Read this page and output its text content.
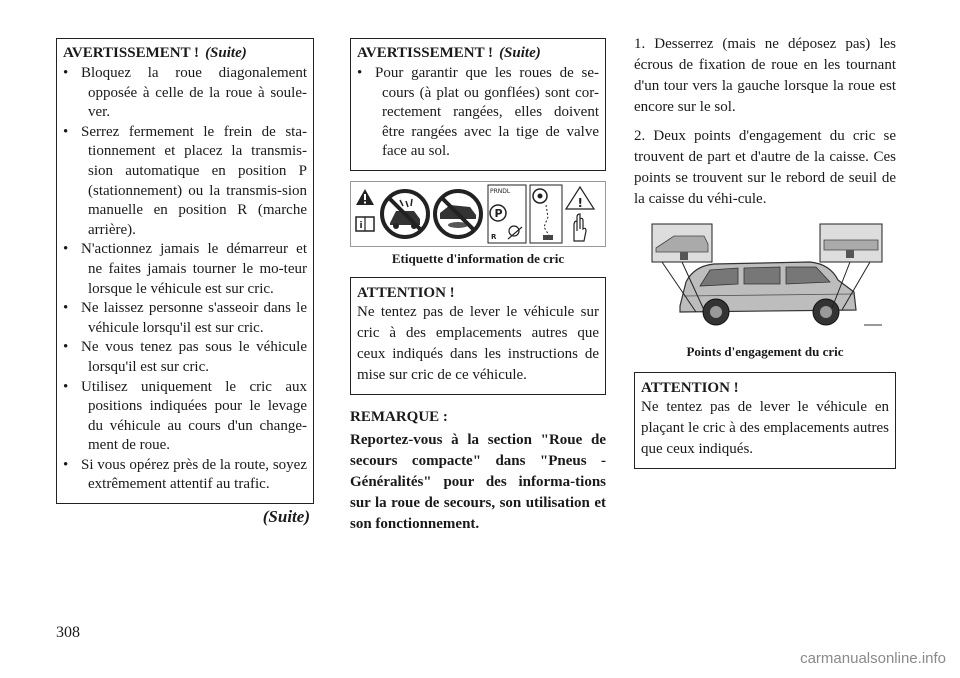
AVERTISSEMENT ! (Suite)
• Bloquez la roue diagonalement opposée à celle de la roue à soule-ver.
• Serrez fermement le frein de sta-tionnement et placez la transmis-sion automatique en position P (stationnement) ou la transmis-sion manuelle en position R (marche arrière).
• N'actionnez jamais le démarreur et ne faites jamais tourner le mo-teur lorsque le véhicule est sur cric.
• Ne laissez personne s'asseoir dans le véhicule lorsqu'il est sur cric.
• Ne vous tenez pas sous le véhicule lorsqu'il est sur cric.
• Utilisez uniquement le cric aux positions indiquées pour le levage du véhicule au cours d'un change-ment de roue.
• Si vous opérez près de la route, soyez extrêmement attentif au trafic.
(Suite)
308
AVERTISSEMENT ! (Suite)
• Pour garantir que les roues de se-cours (à plat ou gonflées) sont cor-rectement rangées, elles doivent être rangées avec la tige de valve face au sol.
i
PRNDL
P
R
!
Etiquette d'information de cric
ATTENTION !
Ne tentez pas de lever le véhicule sur cric à des emplacements autres que ceux indiqués dans les instructions de mise sur cric de ce véhicule.
REMARQUE :
Reportez-vous à la section "Roue de secours compacte" dans "Pneus - Généralités" pour des informa-tions sur la roue de secours, son utilisation et son fonctionnement.
1. Desserrez (mais ne déposez pas) les écrous de fixation de roue en les tournant d'un tour vers la gauche lorsque la roue est encore sur le sol.
2. Deux points d'engagement du cric se trouvent de part et d'autre de la caisse. Ces points se trouvent sur le rebord de seuil de la caisse du véhi-cule.
Points d'engagement du cric
ATTENTION !
Ne tentez pas de lever le véhicule en plaçant le cric à des emplacements autres que ceux indiqués.
carmanualsonline.info
